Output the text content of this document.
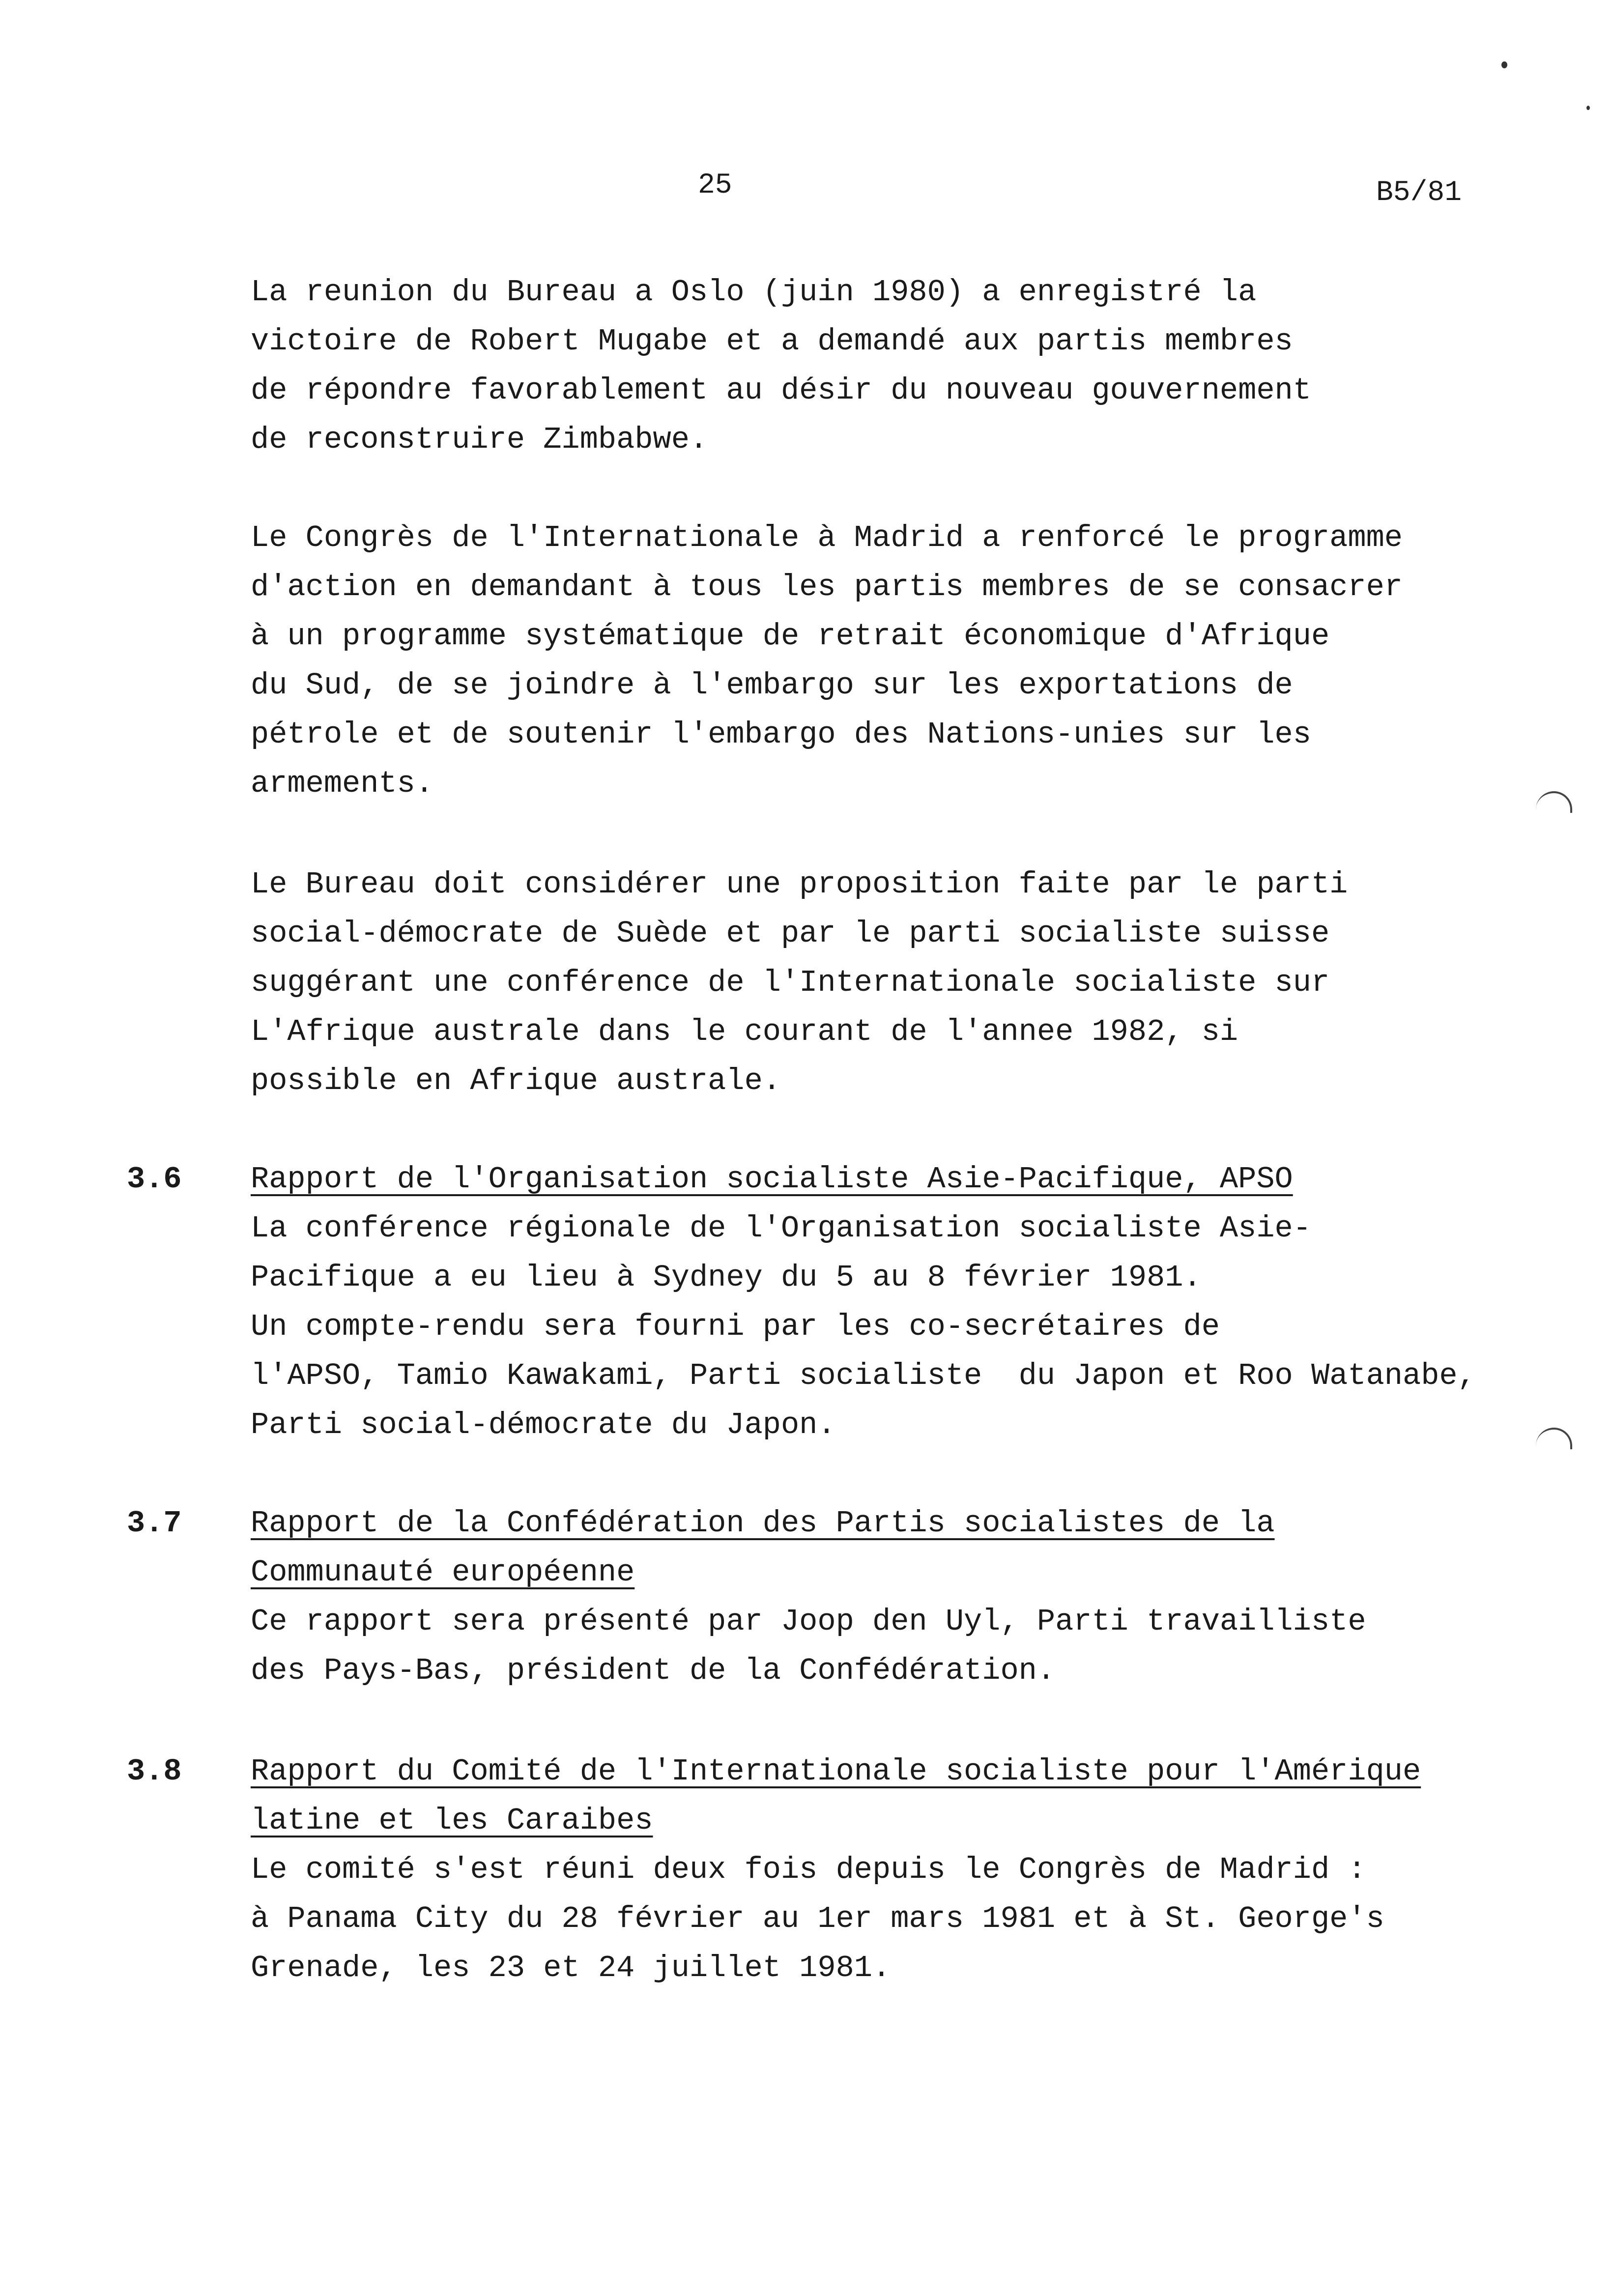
25	B5/81
La reunion du Bureau a Oslo (juin 1980) a enregistré la
victoire de Robert Mugabe et a demandé aux partis membres
de répondre favorablement au désir du nouveau gouvernement
de reconstruire Zimbabwe.
Le Congrès de l'Internationale à Madrid a renforcé le programme
d'action en demandant à tous les partis membres de se consacrer
à un programme systématique de retrait économique d'Afrique
du Sud, de se joindre à l'embargo sur les exportations de
pétrole et de soutenir l'embargo des Nations-unies sur les
armements.
Le Bureau doit considérer une proposition faite par le parti
social-démocrate de Suède et par le parti socialiste suisse
suggérant une conférence de l'Internationale socialiste sur
L'Afrique australe dans le courant de l'annee 1982, si
possible en Afrique australe.
3.6 Rapport de l'Organisation socialiste Asie-Pacifique, APSO
La conférence régionale de l'Organisation socialiste Asie-
Pacifique a eu lieu à Sydney du 5 au 8 février 1981.
Un compte-rendu sera fourni par les co-secrétaires de
l'APSO, Tamio Kawakami, Parti socialiste  du Japon et Roo Watanabe,
Parti social-démocrate du Japon.
3.7 Rapport de la Confédération des Partis socialistes de la
Communauté européenne
Ce rapport sera présenté par Joop den Uyl, Parti travailliste
des Pays-Bas, président de la Confédération.
3.8 Rapport du Comité de l'Internationale socialiste pour l'Amérique
latine et les Caraibes
Le comité s'est réuni deux fois depuis le Congrès de Madrid :
à Panama City du 28 février au 1er mars 1981 et à St. George's
Grenade, les 23 et 24 juillet 1981.
